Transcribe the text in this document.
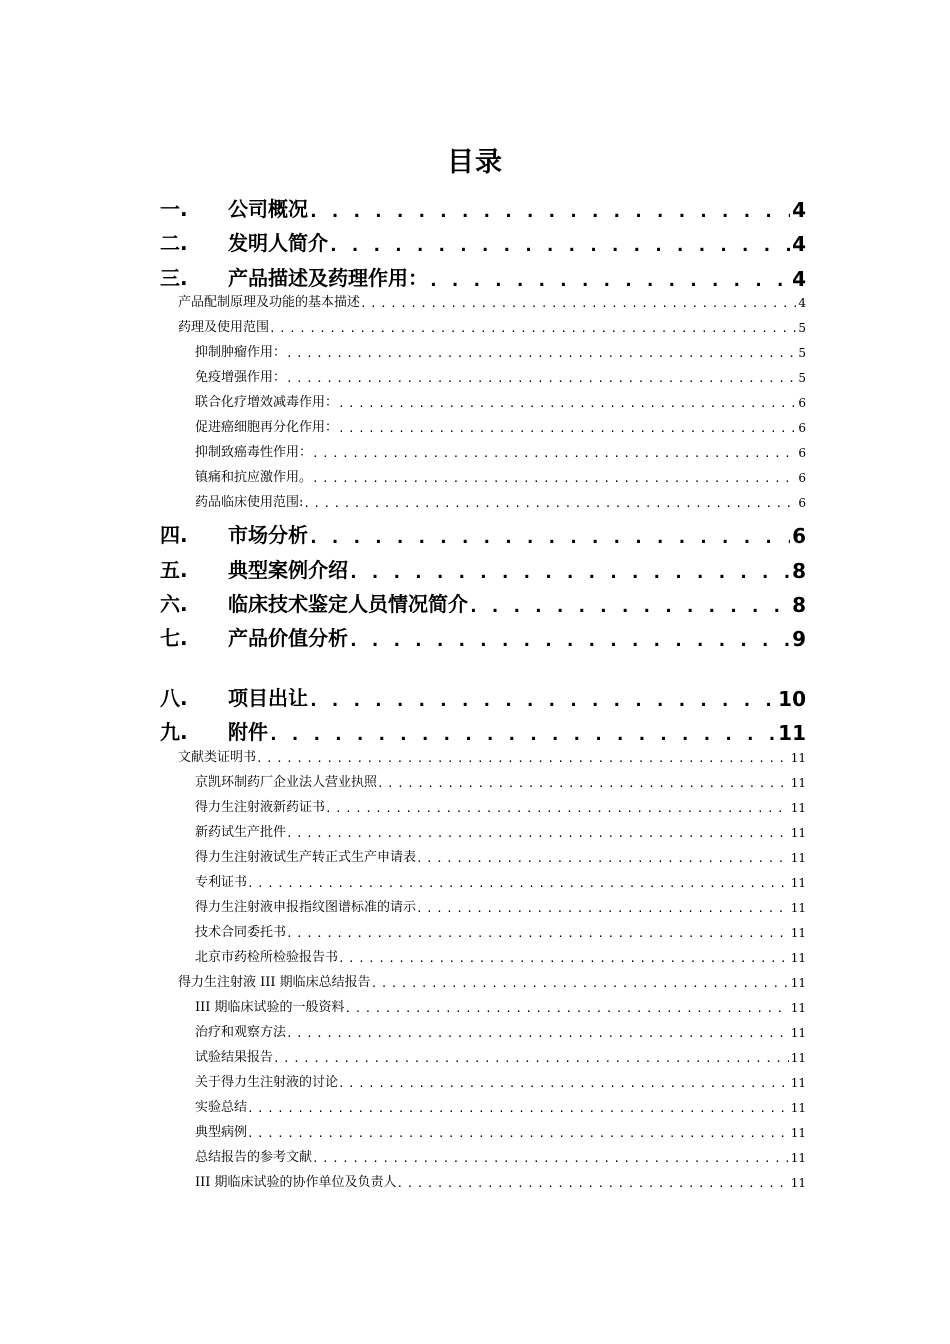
目录
一.	公司概况 . . .	4
二.	发明人简介 . . .	4
三.	产品描述及药理作用： . . .	4
产品配制原理及功能的基本描述 . . .	4
药理及使用范围 . . .	5
抑制肿瘤作用： . . .	5
免疫增强作用： . . .	5
联合化疗增效减毒作用： . . .	6
促进癌细胞再分化作用： . . .	6
抑制致癌毒性作用： . . .	6
镇痛和抗应激作用。 . . .	6
药品临床使用范围: . . .	6
四.	市场分析 . . .	6
五.	典型案例介绍 . . .	8
六.	临床技术鉴定人员情况简介 . . .	8
七.	产品价值分析 . . .	9
八.	项目出让 . . .	10
九.	附件 . . .	11
文献类证明书 . . .	11
京凯环制药厂企业法人营业执照 . . .	11
得力生注射液新药证书 . . .	11
新药试生产批件 . . .	11
得力生注射液试生产转正式生产申请表 . . .	11
专利证书 . . .	11
得力生注射液申报指纹图谱标准的请示 . . .	11
技术合同委托书 . . .	11
北京市药检所检验报告书 . . .	11
得力生注射液 III 期临床总结报告 . . .	11
III 期临床试验的一般资料 . . .	11
治疗和观察方法 . . .	11
试验结果报告 . . .	11
关于得力生注射液的讨论 . . .	11
实验总结 . . .	11
典型病例 . . .	11
总结报告的参考文献 . . .	11
III 期临床试验的协作单位及负责人 . . .	11
